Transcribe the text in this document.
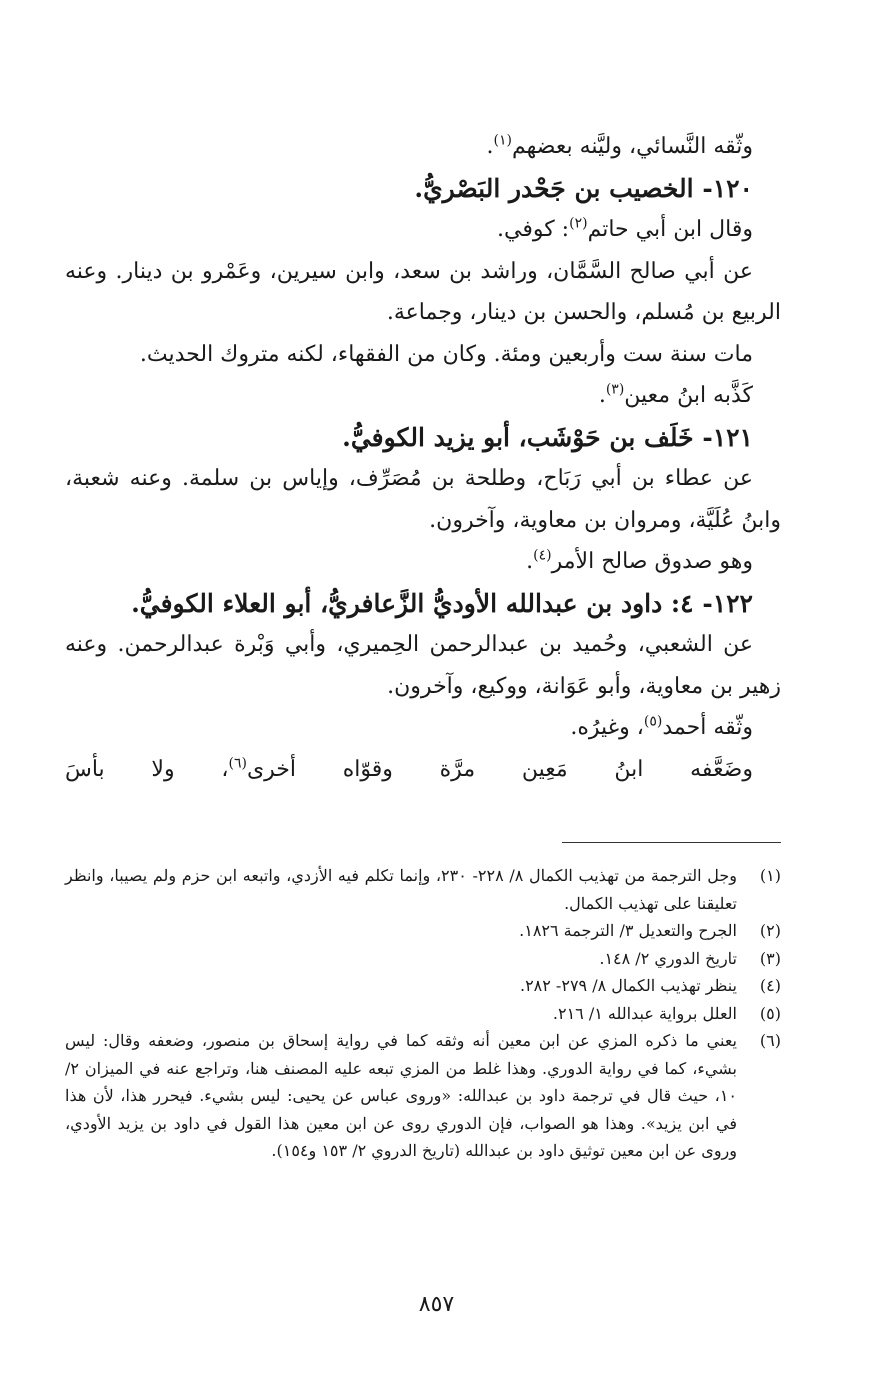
وثّقه النَّسائي، وليَّنه بعضهم$^{(١)}$.

١٢٠- الخصيب بن جَحْدر البَصْريُّ.

وقال ابن أبي حاتم$^{(٢)}$: كوفي.

عن أبي صالح السَّمَّان، وراشد بن سعد، وابن سيرين، وعَمْرو بن دينار. وعنه الربيع بن مُسلم، والحسن بن دينار، وجماعة.

مات سنة ست وأربعين ومئة. وكان من الفقهاء، لكنه متروك الحديث.

كَذَّبه ابنُ معين$^{(٣)}$.

١٢١- خَلَف بن حَوْشَب، أبو يزيد الكوفيُّ.

عن عطاء بن أبي رَبَاح، وطلحة بن مُصَرِّف، وإياس بن سلمة. وعنه شعبة، وابنُ عُلَيَّة، ومروان بن معاوية، وآخرون.

وهو صدوق صالح الأمر$^{(٤)}$.

١٢٢- ٤: داود بن عبدالله الأوديُّ الزَّعافريُّ، أبو العلاء الكوفيُّ.

عن الشعبي، وحُميد بن عبدالرحمن الحِميري، وأبي وَبْرة عبدالرحمن. وعنه زهير بن معاوية، وأبو عَوَانة، ووكيع، وآخرون.

وثّقه أحمد$^{(٥)}$، وغيرُه.

وضَعَّفه ابنُ مَعِين مرَّة وقوّاه أخرى$^{(٦)}$، ولا بأسَ

(١)
وجل الترجمة من تهذيب الكمال ٨/ ٢٢٨- ٢٣٠، وإنما تكلم فيه الأزدي، واتبعه ابن حزم ولم يصيبا، وانظر تعليقنا على تهذيب الكمال.
(٢)
الجرح والتعديل ٣/ الترجمة ١٨٢٦.
(٣)
تاريخ الدوري ٢/ ١٤٨.
(٤)
ينظر تهذيب الكمال ٨/ ٢٧٩- ٢٨٢.
(٥)
العلل برواية عبدالله ١/ ٢١٦.
(٦)
يعني ما ذكره المزي عن ابن معين أنه وثقه كما في رواية إسحاق بن منصور، وضعفه وقال: ليس بشيء، كما في رواية الدوري. وهذا غلط من المزي تبعه عليه المصنف هنا، وتراجع عنه في الميزان ٢/ ١٠، حيث قال في ترجمة داود بن عبدالله: «وروى عباس عن يحيى: ليس بشيء. فيحرر هذا، لأن هذا في ابن يزيد». وهذا هو الصواب، فإن الدوري روى عن ابن معين هذا القول في داود بن يزيد الأودي، وروى عن ابن معين توثيق داود بن عبدالله (تاريخ الدروي ٢/ ١٥٣ و١٥٤).
٨٥٧
